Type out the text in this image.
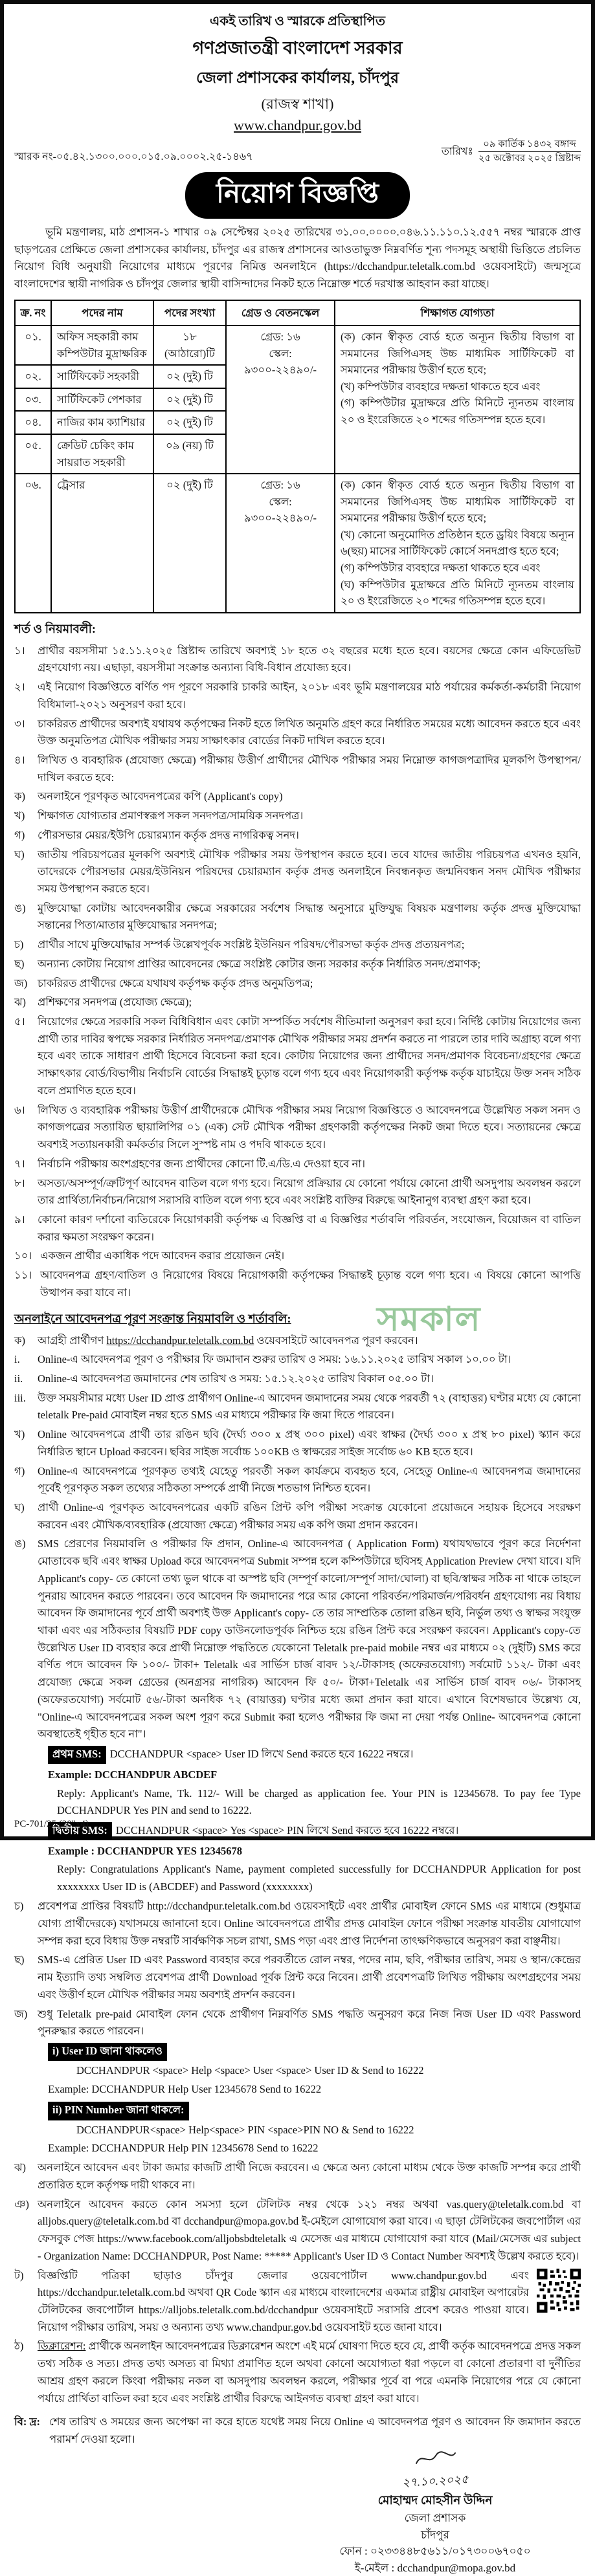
একই তারিখ ও স্মারকে প্রতিস্থাপিত
গণপ্রজাতন্ত্রী বাংলাদেশ সরকার
জেলা প্রশাসকের কার্যালয়, চাঁদপুর
(রাজস্ব শাখা)
www.chandpur.gov.bd
স্মারক নং-০৫.৪২.১৩০০.০০০.০১৫.০৯.০০০২.২৫-১৪৬৭	তারিখঃ $\frac{\text{০৯ কার্তিক ১৪৩২ বঙ্গাব্দ}}{\text{২৫ অক্টোবর ২০২৫ খ্রিষ্টাব্দ}}$
নিয়োগ বিজ্ঞপ্তি
ভূমি মন্ত্রণালয়, মাঠ প্রশাসন-১ শাখার ০৯ সেপ্টেম্বর ২০২৫ তারিখের ৩১.০০.০০০০.০৪৬.১১.১১০.১২.৫৫৭ নম্বর স্মারকে প্রাপ্ত ছাড়পত্রের প্রেক্ষিতে জেলা প্রশাসকের কার্যালয়, চাঁদপুর এর রাজস্ব প্রশাসনের আওতাভুক্ত নিম্নবর্ণিত শূন্য পদসমূহ অস্থায়ী ভিত্তিতে প্রচলিত নিয়োগ বিধি অনুযায়ী নিয়োগের মাধ্যমে পূরণের নিমিত্ত অনলাইনে (https://dcchandpur.teletalk.com.bd ওয়েবসাইটে) জন্মসূত্রে বাংলাদেশের স্থায়ী নাগরিক ও চাঁদপুর জেলার স্থায়ী বাসিন্দাদের নিকট হতে নিম্নোক্ত শর্তে দরখাস্ত আহবান করা যাচ্ছে।
ক্র. নং	পদের নাম	পদের সংখ্যা	গ্রেড ও বেতনস্কেল	শিক্ষাগত যোগ্যতা
০১.	অফিস সহকারী কাম কম্পিউটার মুদ্রাক্ষরিক	১৮ (আঠারো)টি	
গ্রেড: ১৬
স্কেল: ৯৩০০-২২৪৯০/-

(ক) কোন স্বীকৃত বোর্ড হতে অন্যূন দ্বিতীয় বিভাগ বা সমমানের জিপিএসহ উচ্চ মাধ্যমিক সার্টিফিকেট বা সমমানের পরীক্ষায় উত্তীর্ণ হতে হবে;
(খ) কম্পিউটার ব্যবহারে দক্ষতা থাকতে হবে এবং
(গ) কম্পিউটার মুদ্রাক্ষরে প্রতি মিনিটে ন্যূনতম বাংলায় ২০ ও ইংরেজিতে ২০ শব্দের গতিসম্পন্ন হতে হবে।

০২.	সার্টিফিকেট সহকারী	০২ (দুই) টি		
০৩.	সার্টিফিকেট পেশকার	০২ (দুই) টি		
০৪.	নাজির কাম ক্যাশিয়ার	০২ (দুই) টি		
০৫.	ক্রেডিট চেকিং কাম সায়রাত সহকারী	০৯ (নয়) টি		
০৬.	ট্রেসার	০২ (দুই) টি	গ্রেড: ১৬
স্কেল: ৯৩০০-২২৪৯০/-

(ক) কোন স্বীকৃত বোর্ড হতে অন্যূন দ্বিতীয় বিভাগ বা সমমানের জিপিএসহ উচ্চ মাধ্যমিক সার্টিফিকেট বা সমমানের পরীক্ষায় উত্তীর্ণ হতে হবে;
(খ) কোনো অনুমোদিত প্রতিষ্ঠান হতে ড্রয়িং বিষয়ে অন্যূন ৬(ছয়) মাসের সার্টিফিকেট কোর্সে সনদপ্রাপ্ত হতে হবে;
(গ) কম্পিউটার ব্যবহারে দক্ষতা থাকতে হবে এবং
(ঘ) কম্পিউটার মুদ্রাক্ষরে প্রতি মিনিটে ন্যূনতম বাংলায় ২০ ও ইংরেজিতে ২০ শব্দের গতিসম্পন্ন হতে হবে।
শর্ত ও নিয়মাবলী:
১।	প্রার্থীর বয়সসীমা ১৫.১১.২০২৫ খ্রিষ্টাব্দ তারিখে অবশ্যই ১৮ হতে ৩২ বছরের মধ্যে হতে হবে। বয়সের ক্ষেত্রে কোন এফিডেভিট গ্রহণযোগ্য নয়। এছাড়া, বয়সসীমা সংক্রান্ত অন্যান্য বিধি-বিধান প্রযোজ্য হবে।
২।	এই নিয়োগ বিজ্ঞপ্তিতে বর্ণিত পদ পূরণে সরকারি চাকরি আইন, ২০১৮ এবং ভূমি মন্ত্রণালয়ের মাঠ পর্যায়ের কর্মকর্তা-কর্মচারী নিয়োগ বিধিমালা-২০২১ অনুসরণ করা হবে।
৩।	চাকরিরত প্রার্থীদের অবশ্যই যথাযথ কর্তৃপক্ষের নিকট হতে লিখিত অনুমতি গ্রহণ করে নির্ধারিত সময়ের মধ্যে আবেদন করতে হবে এবং উক্ত অনুমতিপত্র মৌখিক পরীক্ষার সময় সাক্ষাৎকার বোর্ডের নিকট দাখিল করতে হবে।
৪।	লিখিত ও ব্যবহারিক (প্রযোজ্য ক্ষেত্রে) পরীক্ষায় উত্তীর্ণ প্রার্থীদের মৌখিক পরীক্ষার সময় নিম্নোক্ত কাগজপত্রাদির মূলকপি উপস্থাপন/দাখিল করতে হবে:
ক)	অনলাইনে পূরণকৃত আবেদনপত্রের কপি (Applicant's copy)
খ)	শিক্ষাগত যোগ্যতার প্রমাণস্বরূপ সকল সনদপত্র/সাময়িক সনদপত্র।
গ)	পৌরসভার মেয়র/ইউপি চেয়ারম্যান কর্তৃক প্রদত্ত নাগরিকত্ব সনদ।
ঘ)	জাতীয় পরিচয়পত্রের মূলকপি অবশ্যই মৌখিক পরীক্ষার সময় উপস্থাপন করতে হবে। তবে যাদের জাতীয় পরিচয়পত্র এখনও হয়নি, তাদেরকে পৌরসভার মেয়র/ইউনিয়ন পরিষদের চেয়ারম্যান কর্তৃক প্রদত্ত অনলাইনে নিবন্ধনকৃত জন্মনিবন্ধন সনদ মৌখিক পরীক্ষার সময় উপস্থাপন করতে হবে।
ঙ)	মুক্তিযোদ্ধা কোটায় আবেদনকারীর ক্ষেত্রে সরকারের সর্বশেষ সিদ্ধান্ত অনুসারে মুক্তিযুদ্ধ বিষয়ক মন্ত্রণালয় কর্তৃক প্রদত্ত মুক্তিযোদ্ধা সন্তানের পিতা/মাতার মুক্তিযোদ্ধার সনদপত্র;
চ)	প্রার্থীর সাথে মুক্তিযোদ্ধার সম্পর্ক উল্লেখপূর্বক সংশ্লিষ্ট ইউনিয়ন পরিষদ/পৌরসভা কর্তৃক প্রদত্ত প্রত্যয়নপত্র;
ছ)	অন্যান্য কোটায় নিয়োগ প্রাপ্তির আবেদনের ক্ষেত্রে সংশ্লিষ্ট কোটার জন্য সরকার কর্তৃক নির্ধারিত সনদ/প্রমাণক;
জ) চাকরিরত প্রার্থীদের ক্ষেত্রে যথাযথ কর্তৃপক্ষ কর্তৃক প্রদত্ত অনুমতিপত্র;
ঝ)	প্রশিক্ষণের সনদপত্র (প্রযোজ্য ক্ষেত্রে);
৫।	নিয়োগের ক্ষেত্রে সরকারি সকল বিধিবিধান এবং কোটা সম্পর্কিত সর্বশেষ নীতিমালা অনুসরণ করা হবে। নির্দিষ্ট কোটায় নিয়োগের জন্য প্রার্থী তার দাবির স্বপক্ষে সরকার নির্ধারিত সনদপত্র/প্রমাণক মৌখিক পরীক্ষার সময় প্রদর্শন করতে না পারলে তার দাবি অগ্রাহ্য বলে গণ্য হবে এবং তাকে সাধারণ প্রার্থী হিসেবে বিবেচনা করা হবে। কোটায় নিয়োগের জন্য প্রার্থীদের সনদ/প্রমাণক বিবেচনা/গ্রহণের ক্ষেত্রে সাক্ষাৎকার বোর্ড/বিভাগীয় নির্বাচনি বোর্ডের সিদ্ধান্তই চূড়ান্ত বলে গণ্য হবে এবং নিয়োগকারী কর্তৃপক্ষ কর্তৃক যাচাইয়ে উক্ত সনদ সঠিক বলে প্রমাণিত হতে হবে।
৬।	লিখিত ও ব্যবহারিক পরীক্ষায় উত্তীর্ণ প্রার্থীদেরকে মৌখিক পরীক্ষার সময় নিয়োগ বিজ্ঞপ্তিতে ও আবেদনপত্রে উল্লেখিত সকল সনদ ও কাগজপত্রের সত্যায়িত ছায়ালিপির ০১ (এক) সেট মৌখিক পরীক্ষা গ্রহণকারী কর্তৃপক্ষের নিকট জমা দিতে হবে। সত্যায়নের ক্ষেত্রে অবশ্যই সত্যায়নকারী কর্মকর্তার সিলে সুস্পষ্ট নাম ও পদবি থাকতে হবে।
৭।	নির্বাচনি পরীক্ষায় অংশগ্রহণের জন্য প্রার্থীদের কোনো টি.এ/ডি.এ দেওয়া হবে না।
৮।	অসত্য/অসম্পূর্ণ/ত্রুটিপূর্ণ আবেদন বাতিল বলে গণ্য হবে। নিয়োগ প্রক্রিয়ার যে কোনো পর্যায়ে কোনো প্রার্থী অসদুপায় অবলম্বন করলে তার প্রার্থিতা/নির্বাচন/নিয়োগ সরাসরি বাতিল বলে গণ্য হবে এবং সংশ্লিষ্ট ব্যক্তির বিরুদ্ধে আইনানুগ ব্যবস্থা গ্রহণ করা হবে।
৯।	কোনো কারণ দর্শানো ব্যতিরেকে নিয়োগকারী কর্তৃপক্ষ এ বিজ্ঞপ্তি বা এ বিজ্ঞপ্তির শর্তাবলি পরিবর্তন, সংযোজন, বিয়োজন বা বাতিল করার ক্ষমতা সংরক্ষণ করেন।
১০। একজন প্রার্থীর একাধিক পদে আবেদন করার প্রয়োজন নেই।
১১। আবেদনপত্র গ্রহণ/বাতিল ও নিয়োগের বিষয়ে নিয়োগকারী কর্তৃপক্ষের সিদ্ধান্তই চূড়ান্ত বলে গণ্য হবে। এ বিষয়ে কোনো আপত্তি উত্থাপন করা যাবে না।
অনলাইনে আবেদনপত্র পূরণ সংক্রান্ত নিয়মাবলি ও শর্তাবলি:	সমকাল
ক)	আগ্রহী প্রার্থীগণ https://dcchandpur.teletalk.com.bd ওয়েবসাইটে আবেদনপত্র পূরণ করবেন।
i.	Online-এ আবেদনপত্র পূরণ ও পরীক্ষার ফি জমাদান শুরুর তারিখ ও সময়: ১৬.১১.২০২৫ তারিখ সকাল ১০.০০ টা।
ii.	Online-এ আবেদনপত্র জমাদানের শেষ তারিখ ও সময়: ১৫.১২.২০২৫ তারিখ বিকাল ০৫.০০ টা।
iii.	উক্ত সময়সীমার মধ্যে User ID প্রাপ্ত প্রার্থীগণ Online-এ আবেদন জমাদানের সময় থেকে পরবর্তী ৭২ (বাহাত্তর) ঘণ্টার মধ্যে যে কোনো teletalk Pre-paid মোবাইল নম্বর হতে SMS এর মাধ্যমে পরীক্ষার ফি জমা দিতে পারবেন।
খ)	Online আবেদনপত্রে প্রার্থী তার রঙিন ছবি (দৈর্ঘ্য ৩০০ x প্রস্থ ৩০০ pixel) এবং স্বাক্ষর (দৈর্ঘ্য ৩০০ x প্রস্থ ৮০ pixel) স্ক্যান করে নির্ধারিত স্থানে Upload করবেন। ছবির সাইজ সর্বোচ্চ ১০০KB ও স্বাক্ষরের সাইজ সর্বোচ্চ ৬০ KB হতে হবে।
গ)	Online-এ আবেদনপত্রে পূরণকৃত তথ্যই যেহেতু পরবর্তী সকল কার্যক্রমে ব্যবহৃত হবে, সেহেতু Online-এ আবেদনপত্র জমাদানের পূর্বেই পূরণকৃত সকল তথ্যের সঠিকতা সম্পর্কে প্রার্থী নিজে শতভাগ নিশ্চিত হবেন।
ঘ)	প্রার্থী Online-এ পূরণকৃত আবেদনপত্রের একটি রঙিন প্রিন্ট কপি পরীক্ষা সংক্রান্ত যেকোনো প্রয়োজনে সহায়ক হিসেবে সংরক্ষণ করবেন এবং মৌখিক/ব্যবহারিক (প্রযোজ্য ক্ষেত্রে) পরীক্ষার সময় এক কপি জমা প্রদান করবেন।
ঙ)	SMS প্রেরণের নিয়মাবলি ও পরীক্ষার ফি প্রদান, Online-এ আবেদনপত্র ( Application Form) যথাযথভাবে পূরণ করে নির্দেশনা মোতাবেক ছবি এবং স্বাক্ষর Upload করে আবেদনপত্র Submit সম্পন্ন হলে কম্পিউটারে ছবিসহ Application Preview দেখা যাবে। যদি Applicant's copy- তে কোনো তথ্য ভুল থাকে বা অস্পষ্ট ছবি (সম্পূর্ণ কালো/সম্পূর্ণ সাদা/ঘোলা) বা ছবি/স্বাক্ষর সঠিক না থাকে তাহলে পুনরায় আবেদন করতে পারবেন। তবে আবেদন ফি জমাদানের পরে আর কোনো পরিবর্তন/পরিমার্জন/পরিবর্ধন গ্রহণযোগ্য নয় বিধায় আবেদন ফি জমাদানের পূর্বে প্রার্থী অবশ্যই উক্ত Applicant's copy- তে তার সাম্প্রতিক তোলা রঙিন ছবি, নির্ভুল তথ্য ও স্বাক্ষর সংযুক্ত থাকা এবং এর সঠিকতার বিষয়টি PDF copy ডাউনলোডপূর্বক নিশ্চিত হয়ে রঙিন প্রিন্ট করে সংরক্ষণ করবেন। Applicant's copy-তে উল্লেখিত User ID ব্যবহার করে প্রার্থী নিম্নোক্ত পদ্ধতিতে যেকোনো Teletalk pre-paid mobile নম্বর এর মাধ্যমে ০২ (দুইটি) SMS করে বর্ণিত পদে আবেদন ফি ১০০/- টাকা+ Teletalk এর সার্ভিস চার্জ বাবদ ১২/-টাকাসহ (অফেরতযোগ্য) সর্বমোট ১১২/- টাকা এবং প্রযোজ্য ক্ষেত্রে সকল গ্রেডের (অনগ্রসর নাগরিক) আবেদন ফি ৫০/- টাকা+Teletalk এর সার্ভিস চার্জ বাবদ ০৬/- টাকাসহ (অফেরতযোগ্য) সর্বমোট ৫৬/-টাকা অনধিক ৭২ (বায়াত্তর) ঘণ্টার মধ্যে জমা প্রদান করা যাবে। এখানে বিশেষভাবে উল্লেখ্য যে, "Online-এ আবেদনপত্রের সকল অংশ পূরণ করে Submit করা হলেও পরীক্ষার ফি জমা না দেয়া পর্যন্ত Online- আবেদনপত্র কোনো অবস্থাতেই গৃহীত হবে না"।
প্রথম SMS: DCCHANDPUR <space> User ID লিখে Send করতে হবে 16222 নম্বরে।
Example: DCCHANDPUR ABCDEF
Reply: Applicant's Name, Tk. 112/- Will be charged as application fee. Your PIN is 12345678. To pay fee Type DCCHANDPUR Yes PIN and send to 16222.
দ্বিতীয় SMS: DCCHANDPUR <space> Yes <space> PIN লিখে Send করতে হবে 16222 নম্বরে।
Example : DCCHANDPUR YES 12345678
Reply: Congratulations Applicant's Name, payment completed successfully for DCCHANDPUR Application for post xxxxxxxx User ID is (ABCDEF) and Password (xxxxxxxx)
চ)	প্রবেশপত্র প্রাপ্তির বিষয়টি http://dcchandpur.teletalk.com.bd ওয়েবসাইটে এবং প্রার্থীর মোবাইল ফোনে SMS এর মাধ্যমে (শুধুমাত্র যোগ্য প্রার্থীদেরকে) যথাসময়ে জানানো হবে। Online আবেদনপত্রে প্রার্থীর প্রদত্ত মোবাইল ফোনে পরীক্ষা সংক্রান্ত যাবতীয় যোগাযোগ সম্পন্ন করা হবে বিধায় উক্ত নম্বরটি সার্বক্ষণিক সচল রাখা, SMS পড়া এবং প্রাপ্ত নির্দেশনা তাৎক্ষণিকভাবে অনুসরণ করা বাঞ্ছনীয়।
ছ)	SMS-এ প্রেরিত User ID এবং Password ব্যবহার করে পরবর্তীতে রোল নম্বর, পদের নাম, ছবি, পরীক্ষার তারিখ, সময় ও স্থান/কেন্দ্রের নাম ইত্যাদি তথ্য সম্বলিত প্রবেশপত্র প্রার্থী Download পূর্বক প্রিন্ট করে নিবেন। প্রার্থী প্রবেশপত্রটি লিখিত পরীক্ষায় অংশগ্রহণের সময় এবং উত্তীর্ণ হলে মৌখিক পরীক্ষার সময় অবশ্যই প্রদর্শন করবেন।
জ) শুধু Teletalk pre-paid মোবাইল ফোন থেকে প্রার্থীগণ নিম্নবর্ণিত SMS পদ্ধতি অনুসরণ করে নিজ নিজ User ID এবং Password পুনরুদ্ধার করতে পারবেন।
i) User ID জানা থাকলেও
DCCHANDPUR <space> Help <space> User <space> User ID & Send to 16222
Example: DCCHANDPUR Help User 12345678 Send to 16222
ii) PIN Number জানা থাকলে:
DCCHANDPUR<space> Help<space> PIN <space>PIN NO & Send to 16222
Example: DCCHANDPUR Help PIN 12345678 Send to 16222
ঝ)	অনলাইনে আবেদন এবং টাকা জমার কাজটি প্রার্থী নিজে করবেন। এ ক্ষেত্রে অন্য কোনো মাধ্যম থেকে উক্ত কাজটি সম্পন্ন করে প্রার্থী প্রতারিত হলে কর্তৃপক্ষ দায়ী থাকবে না।
ঞ) অনলাইনে আবেদন করতে কোন সমস্যা হলে টেলিটক নম্বর থেকে ১২১ নম্বর অথবা vas.query@teletalk.com.bd বা alljobs.query@teletalk.com.bd বা dcchandpur@mopa.gov.bd ই-মেইলে যোগাযোগ করা যাবে। এ ছাড়া টেলিটকের জবপোর্টাল এর ফেসবুক পেজ https://www.facebook.com/alljobsbdteletalk এ মেসেজ এর মাধ্যমে যোগাযোগ করা যাবে (Mail/মেসেজ এর subject - Organization Name: DCCHANDPUR, Post Name: ***** Applicant's User ID ও Contact Number অবশ্যই উল্লেখ করতে হবে)।
ট)	বিজ্ঞপ্তিটি পত্রিকা ছাড়াও চাঁদপুর জেলার ওয়েবপোর্টাল www.chandpur.gov.bd এবং https://dcchandpur.teletalk.com.bd অথবা QR Code স্ক্যান এর মাধ্যমে বাংলাদেশের একমাত্র রাষ্ট্রীয় মোবাইল অপারেটর টেলিটকের জবপোর্টাল https://alljobs.teletalk.com.bd/dcchandpur ওয়েবসাইটে সরাসরি প্রবেশ করেও পাওয়া যাবে। নিয়োগ পরীক্ষার তারিখ, সময় ও অন্যান্য তথ্য www.chandpur.gov.bd ওয়েবসাইট হতে জানা যাবে।
ঠ)	ডিক্লারেশন: প্রার্থীকে অনলাইন আবেদনপত্রের ডিক্লারেশন অংশে এই মর্মে ঘোষণা দিতে হবে যে, প্রার্থী কর্তৃক আবেদনপত্রে প্রদত্ত সকল তথ্য সঠিক ও সত্য। প্রদত্ত তথ্য অসত্য বা মিথ্যা প্রমাণিত হলে অথবা কোনো অযোগ্যতা ধরা পড়লে বা কোনো প্রতারণা বা দুর্নীতির আশ্রয় গ্রহণ করলে কিংবা পরীক্ষায় নকল বা অসদুপায় অবলম্বন করলে, পরীক্ষার পূর্বে বা পরে এমনকি নিয়োগের পরে যে কোনো পর্যায়ে প্রার্থিতা বাতিল করা হবে এবং সংশ্লিষ্ট প্রার্থীর বিরুদ্ধে আইনগত ব্যবস্থা গ্রহণ করা যাবে।
বি: দ্র: শেষ তারিখ ও সময়ের জন্য অপেক্ষা না করে হাতে যথেষ্ট সময় নিয়ে Online এ আবেদনপত্র পূরণ ও আবেদন ফি জমাদান করতে পরামর্শ দেওয়া হলো।
২৭.১০.২০২৫
মোহাম্মদ মোহসীন উদ্দিন
জেলা প্রশাসক
চাঁদপুর
ফোন : ০২৩৩৪৪৮৫৬১১/০১৭৩০০৬৭০৫০
ই-মেইল : dcchandpur@mopa.gov.bd
PC-701/25 (20"x4)
